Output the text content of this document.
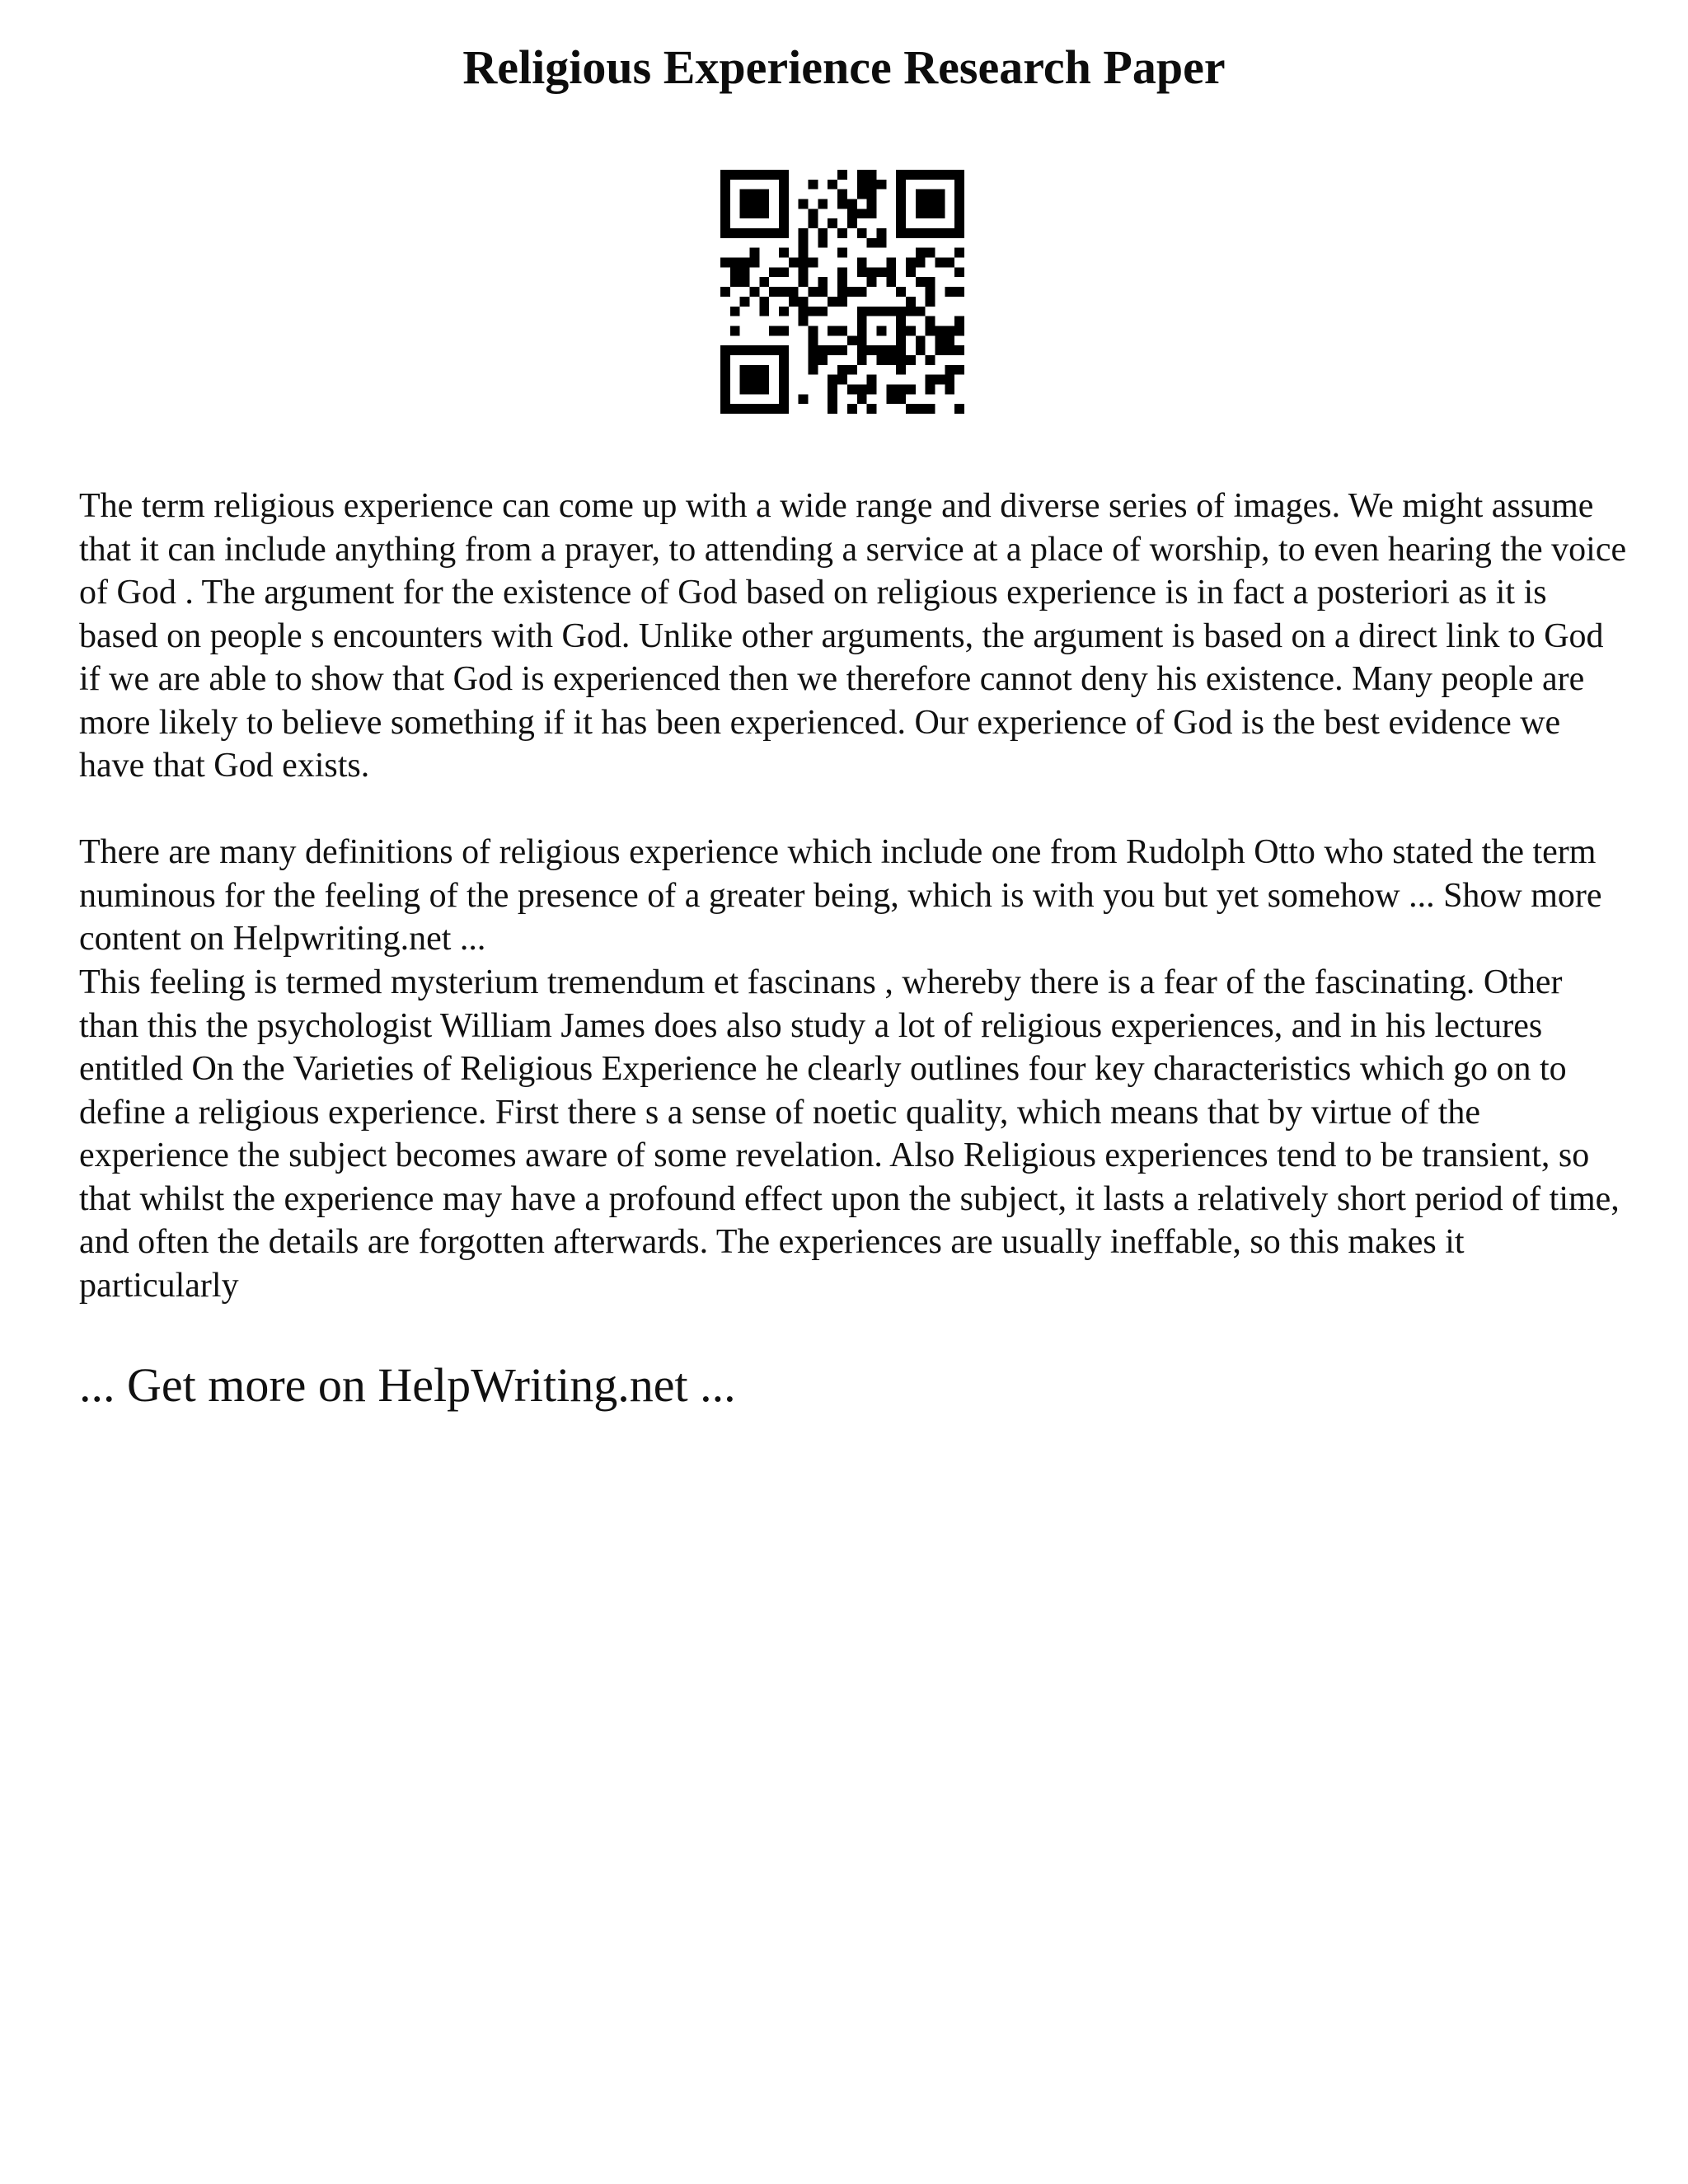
Religious Experience Research Paper

The term religious experience can come up with a wide range and diverse series of images. We might assume that it can include anything from a prayer, to attending a service at a place of worship, to even hearing the voice of God . The argument for the existence of God based on religious experience is in fact a posteriori as it is based on people s encounters with God. Unlike other arguments, the argument is based on a direct link to God if we are able to show that God is experienced then we therefore cannot deny his existence. Many people are more likely to believe something if it has been experienced. Our experience of God is the best evidence we have that God exists.

There are many definitions of religious experience which include one from Rudolph Otto who stated the term numinous for the feeling of the presence of a greater being, which is with you but yet somehow ... Show more content on Helpwriting.net ...

This feeling is termed mysterium tremendum et fascinans , whereby there is a fear of the fascinating. Other than this the psychologist William James does also study a lot of religious experiences, and in his lectures entitled On the Varieties of Religious Experience he clearly outlines four key characteristics which go on to define a religious experience. First there s a sense of noetic quality, which means that by virtue of the experience the subject becomes aware of some revelation. Also Religious experiences tend to be transient, so that whilst the experience may have a profound effect upon the subject, it lasts a relatively short period of time, and often the details are forgotten afterwards. The experiences are usually ineffable, so this makes it particularly

... Get more on HelpWriting.net ...
